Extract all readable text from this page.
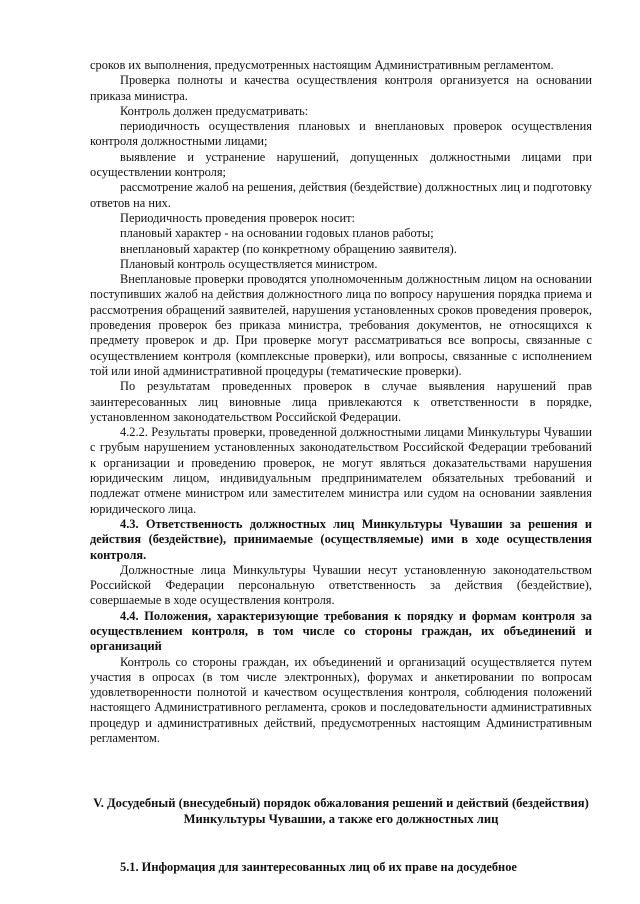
сроков их выполнения, предусмотренных настоящим Административным регламентом.

Проверка полноты и качества осуществления контроля организуется на основании приказа министра.

Контроль должен предусматривать:

периодичность осуществления плановых и внеплановых проверок осуществления контроля должностными лицами;

выявление и устранение нарушений, допущенных должностными лицами при осуществлении контроля;

рассмотрение жалоб на решения, действия (бездействие) должностных лиц и подготовку ответов на них.

Периодичность проведения проверок носит:

плановый характер - на основании годовых планов работы;

внеплановый характер (по конкретному обращению заявителя).

Плановый контроль осуществляется министром.

Внеплановые проверки проводятся уполномоченным должностным лицом на основании поступивших жалоб на действия должностного лица по вопросу нарушения порядка приема и рассмотрения обращений заявителей, нарушения установленных сроков проведения проверок, проведения проверок без приказа министра, требования документов, не относящихся к предмету проверок и др. При проверке могут рассматриваться все вопросы, связанные с осуществлением контроля (комплексные проверки), или вопросы, связанные с исполнением той или иной административной процедуры (тематические проверки).

По результатам проведенных проверок в случае выявления нарушений прав заинтересованных лиц виновные лица привлекаются к ответственности в порядке, установленном законодательством Российской Федерации.

4.2.2. Результаты проверки, проведенной должностными лицами Минкультуры Чувашии с грубым нарушением установленных законодательством Российской Федерации требований к организации и проведению проверок, не могут являться доказательствами нарушения юридическим лицом, индивидуальным предпринимателем обязательных требований и подлежат отмене министром или заместителем министра или судом на основании заявления юридического лица.

4.3. Ответственность должностных лиц Минкультуры Чувашии за решения и действия (бездействие), принимаемые (осуществляемые) ими в ходе осуществления контроля.

Должностные лица Минкультуры Чувашии несут установленную законодательством Российской Федерации персональную ответственность за действия (бездействие), совершаемые в ходе осуществления контроля.

4.4. Положения, характеризующие требования к порядку и формам контроля за осуществлением контроля, в том числе со стороны граждан, их объединений и организаций

Контроль со стороны граждан, их объединений и организаций осуществляется путем участия в опросах (в том числе электронных), форумах и анкетировании по вопросам удовлетворенности полнотой и качеством осуществления контроля, соблюдения положений настоящего Административного регламента, сроков и последовательности административных процедур и административных действий, предусмотренных настоящим Административным регламентом.

V. Досудебный (внесудебный) порядок обжалования решений и действий (бездействия) Минкультуры Чувашии, а также его должностных лиц

5.1. Информация для заинтересованных лиц об их праве на досудебное
